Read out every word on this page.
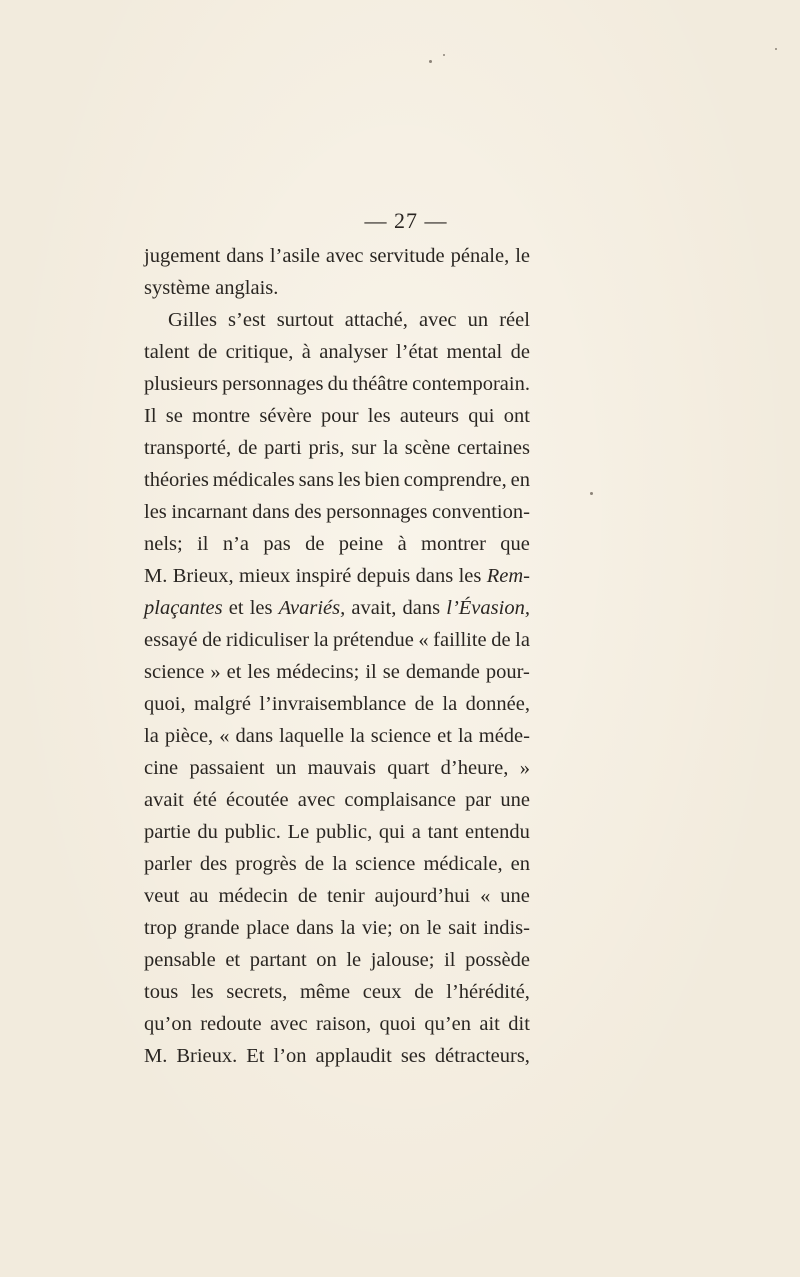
— 27 —
jugement dans l’asile avec servitude pénale, le
système anglais.
Gilles s’est surtout attaché, avec un réel
talent de critique, à analyser l’état mental de
plusieurs personnages du théâtre contemporain.
Il se montre sévère pour les auteurs qui ont
transporté, de parti pris, sur la scène certaines
théories médicales sans les bien comprendre, en
les incarnant dans des personnages convention-
nels; il n’a pas de peine à montrer que
M. Brieux, mieux inspiré depuis dans les Rem-
plaçantes et les Avariés, avait, dans l’Évasion,
essayé de ridiculiser la prétendue « faillite de la
science » et les médecins; il se demande pour-
quoi, malgré l’invraisemblance de la donnée,
la pièce, « dans laquelle la science et la méde-
cine passaient un mauvais quart d’heure, »
avait été écoutée avec complaisance par une
partie du public. Le public, qui a tant entendu
parler des progrès de la science médicale, en
veut au médecin de tenir aujourd’hui « une
trop grande place dans la vie; on le sait indis-
pensable et partant on le jalouse; il possède
tous les secrets, même ceux de l’hérédité,
qu’on redoute avec raison, quoi qu’en ait dit
M. Brieux. Et l’on applaudit ses détracteurs,
